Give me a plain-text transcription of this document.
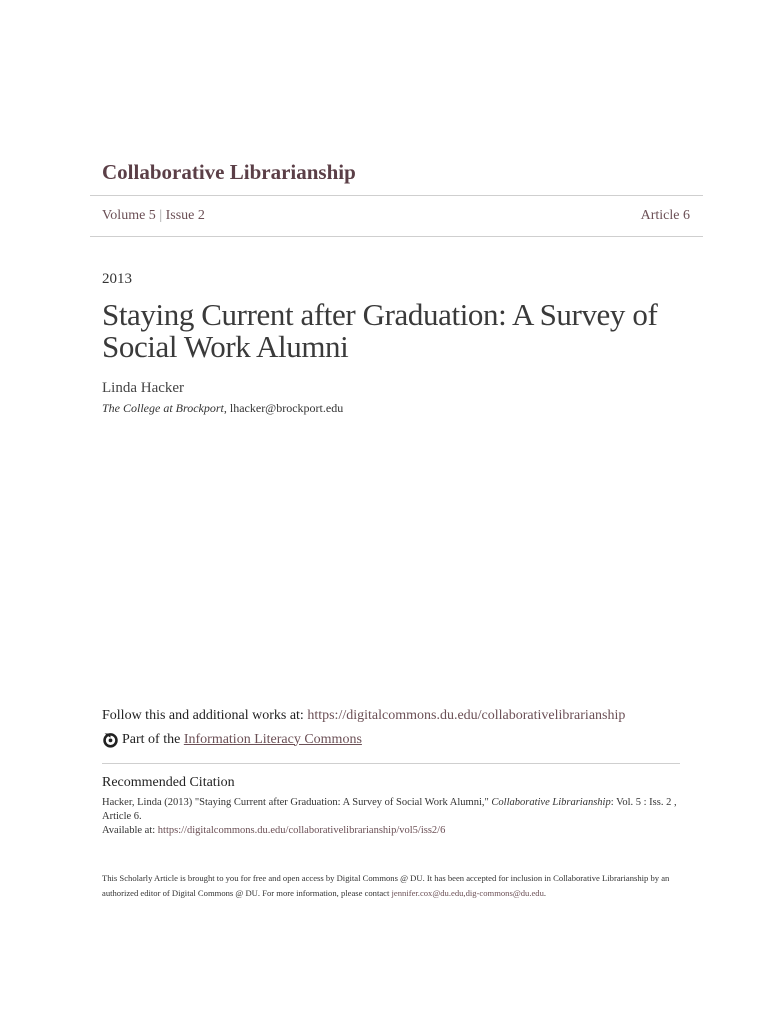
Collaborative Librarianship
Volume 5 | Issue 2	Article 6
2013
Staying Current after Graduation: A Survey of Social Work Alumni
Linda Hacker
The College at Brockport, lhacker@brockport.edu
Follow this and additional works at: https://digitalcommons.du.edu/collaborativelibrarianship
Part of the
Information Literacy Commons
Recommended Citation
Hacker, Linda (2013) "Staying Current after Graduation: A Survey of Social Work Alumni," Collaborative Librarianship: Vol. 5 : Iss. 2 , Article 6.
Available at: https://digitalcommons.du.edu/collaborativelibrarianship/vol5/iss2/6
This Scholarly Article is brought to you for free and open access by Digital Commons @ DU. It has been accepted for inclusion in Collaborative Librarianship by an authorized editor of Digital Commons @ DU. For more information, please contact jennifer.cox@du.edu,dig-commons@du.edu.
